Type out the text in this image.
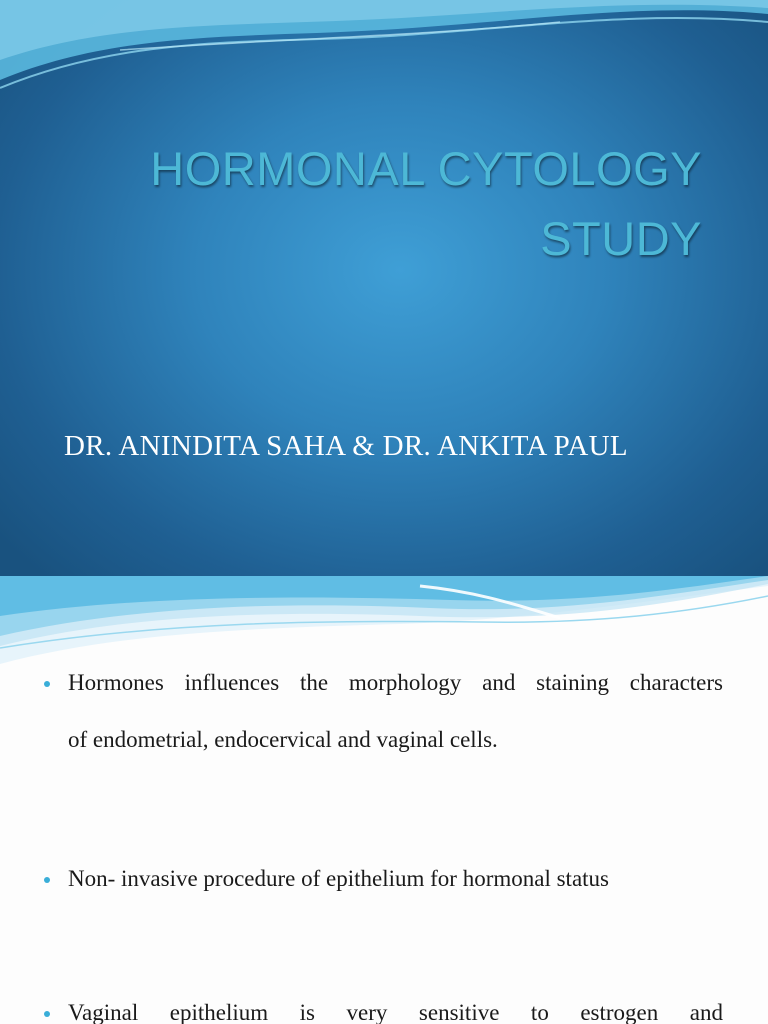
HORMONAL CYTOLOGY
STUDY
DR. ANINDITA SAHA & DR. ANKITA PAUL
Hormones influences the morphology and staining characters
of endometrial, endocervical and vaginal cells.
Non- invasive procedure of epithelium for hormonal status
Vaginal epithelium is very sensitive to estrogen and
